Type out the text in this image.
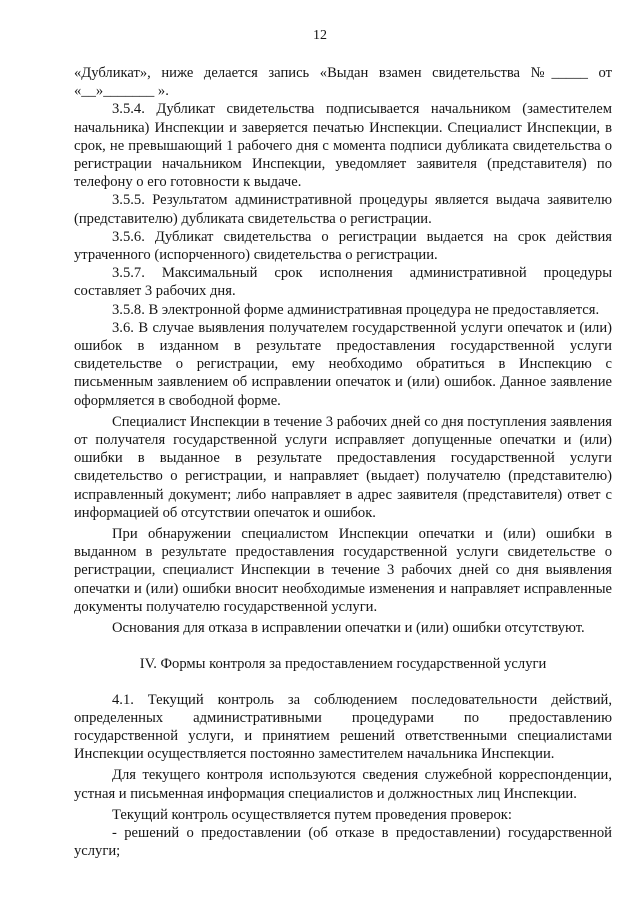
12

«Дубликат», ниже делается запись «Выдан взамен свидетельства №_____ от «__»_______ ».

3.5.4. Дубликат свидетельства подписывается начальником (заместителем начальника) Инспекции и заверяется печатью Инспекции. Специалист Инспекции, в срок, не превышающий 1 рабочего дня с момента подписи дубликата свидетельства о регистрации начальником Инспекции, уведомляет заявителя (представителя) по телефону о его готовности к выдаче.

3.5.5. Результатом административной процедуры является выдача заявителю (представителю) дубликата свидетельства о регистрации.

3.5.6. Дубликат свидетельства о регистрации выдается на срок действия утраченного (испорченного) свидетельства о регистрации.

3.5.7. Максимальный срок исполнения административной процедуры составляет 3 рабочих дня.

3.5.8. В электронной форме административная процедура не предоставляется.

3.6. В случае выявления получателем государственной услуги опечаток и (или) ошибок в изданном в результате предоставления государственной услуги свидетельстве о регистрации, ему необходимо обратиться в Инспекцию с письменным заявлением об исправлении опечаток и (или) ошибок. Данное заявление оформляется в свободной форме.

Специалист Инспекции в течение 3 рабочих дней со дня поступления заявления от получателя государственной услуги исправляет допущенные опечатки и (или) ошибки в выданное в результате предоставления государственной услуги свидетельство о регистрации, и направляет (выдает) получателю (представителю) исправленный документ; либо направляет в адрес заявителя (представителя) ответ с информацией об отсутствии опечаток и ошибок.

При обнаружении специалистом Инспекции опечатки и (или) ошибки в выданном в результате предоставления государственной услуги свидетельстве о регистрации, специалист Инспекции в течение 3 рабочих дней со дня выявления опечатки и (или) ошибки вносит необходимые изменения и направляет исправленные документы получателю государственной услуги.

Основания для отказа в исправлении опечатки и (или) ошибки отсутствуют.

IV. Формы контроля за предоставлением государственной услуги

4.1. Текущий контроль за соблюдением последовательности действий, определенных административными процедурами по предоставлению государственной услуги, и принятием решений ответственными специалистами Инспекции осуществляется постоянно заместителем начальника Инспекции.

Для текущего контроля используются сведения служебной корреспонденции, устная и письменная информация специалистов и должностных лиц Инспекции.

Текущий контроль осуществляется путем проведения проверок:

- решений о предоставлении (об отказе в предоставлении) государственной услуги;
